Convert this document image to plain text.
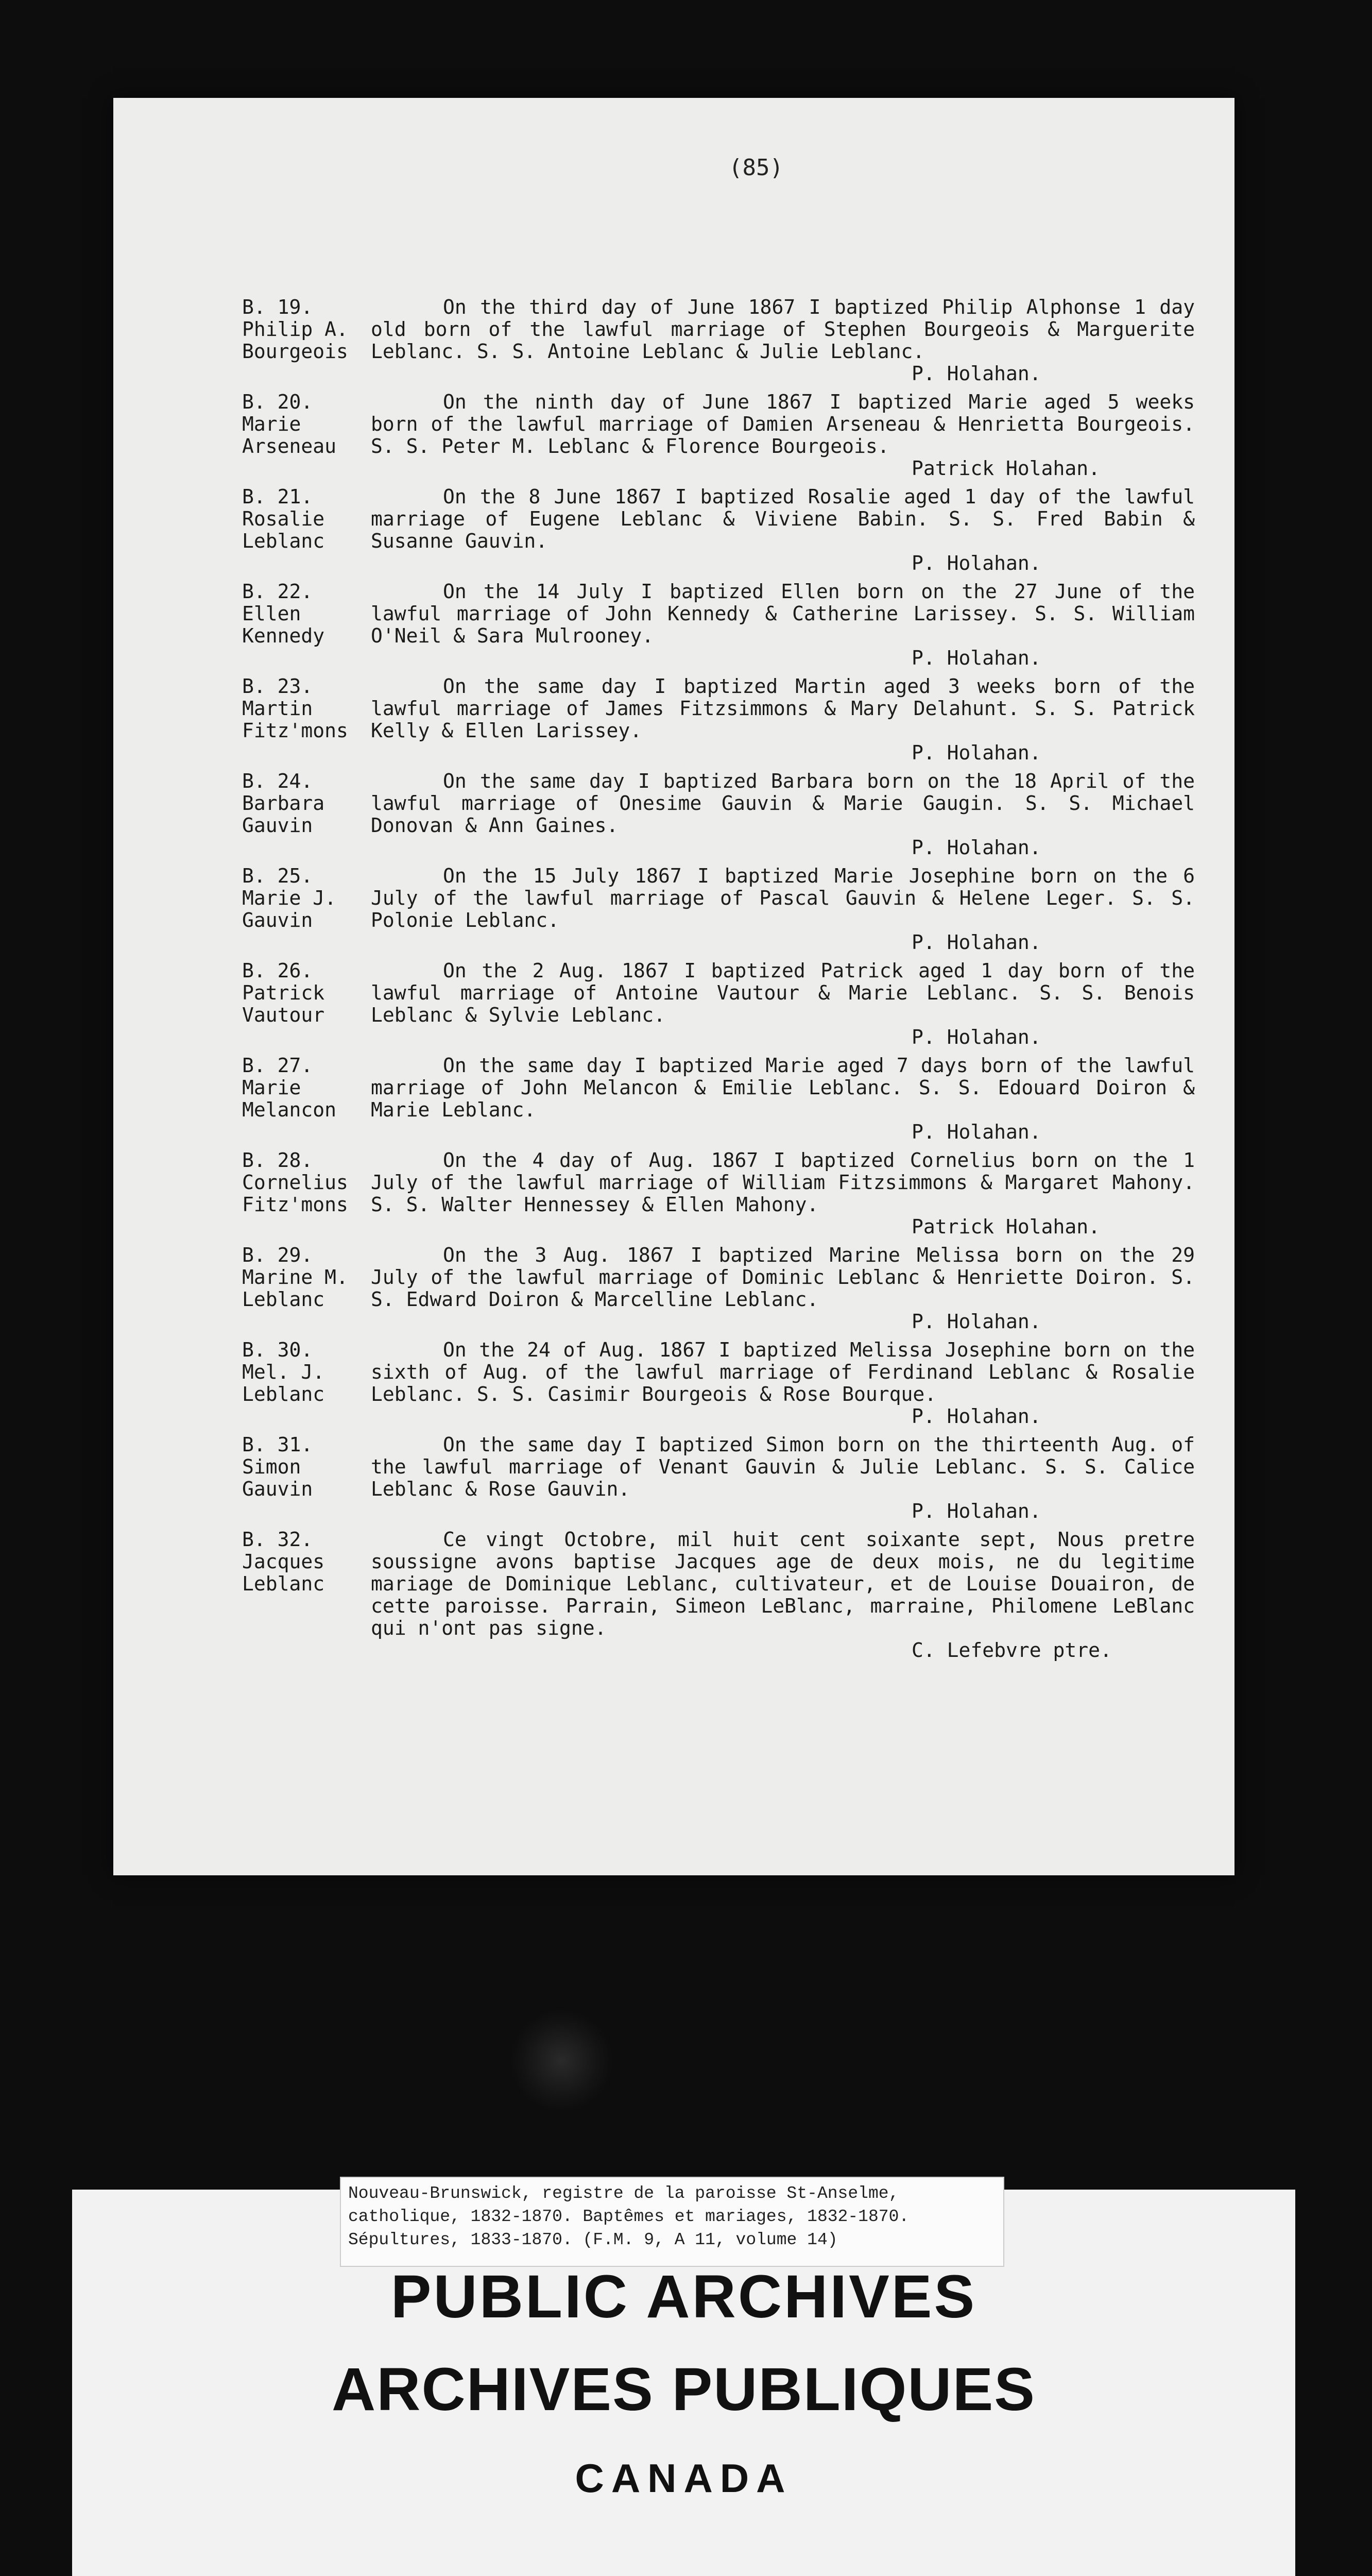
(85)
B. 19.
Philip A.
Bourgeois
On the third day of June 1867 I baptized Philip Alphonse 1 day old born of the lawful marriage of Stephen Bourgeois & Marguerite Leblanc. S. S. Antoine Leblanc & Julie Leblanc.
P. Holahan.
B. 20.
Marie
Arseneau
On the ninth day of June 1867 I baptized Marie aged 5 weeks born of the lawful marriage of Damien Arseneau & Henrietta Bourgeois. S. S. Peter M. Leblanc & Florence Bourgeois.
Patrick Holahan.
B. 21.
Rosalie
Leblanc
On the 8 June 1867 I baptized Rosalie aged 1 day of the lawful marriage of Eugene Leblanc & Viviene Babin. S. S. Fred Babin & Susanne Gauvin.
P. Holahan.
B. 22.
Ellen
Kennedy
On the 14 July I baptized Ellen born on the 27 June of the lawful marriage of John Kennedy & Catherine Larissey. S. S. William O'Neil & Sara Mulrooney.
P. Holahan.
B. 23.
Martin
Fitz'mons
On the same day I baptized Martin aged 3 weeks born of the lawful marriage of James Fitzsimmons & Mary Delahunt. S. S. Patrick Kelly & Ellen Larissey.
P. Holahan.
B. 24.
Barbara
Gauvin
On the same day I baptized Barbara born on the 18 April of the lawful marriage of Onesime Gauvin & Marie Gaugin. S. S. Michael Donovan & Ann Gaines.
P. Holahan.
B. 25.
Marie J.
Gauvin
On the 15 July 1867 I baptized Marie Josephine born on the 6 July of the lawful marriage of Pascal Gauvin & Helene Leger. S. S. Polonie Leblanc.
P. Holahan.
B. 26.
Patrick
Vautour
On the 2 Aug. 1867 I baptized Patrick aged 1 day born of the lawful marriage of Antoine Vautour & Marie Leblanc. S. S. Benois Leblanc & Sylvie Leblanc.
P. Holahan.
B. 27.
Marie
Melancon
On the same day I baptized Marie aged 7 days born of the lawful marriage of John Melancon & Emilie Leblanc. S. S. Edouard Doiron & Marie Leblanc.
P. Holahan.
B. 28.
Cornelius
Fitz'mons
On the 4 day of Aug. 1867 I baptized Cornelius born on the 1 July of the lawful marriage of William Fitzsimmons & Margaret Mahony. S. S. Walter Hennessey & Ellen Mahony.
Patrick Holahan.
B. 29.
Marine M.
Leblanc
On the 3 Aug. 1867 I baptized Marine Melissa born on the 29 July of the lawful marriage of Dominic Leblanc & Henriette Doiron. S. S. Edward Doiron & Marcelline Leblanc.
P. Holahan.
B. 30.
Mel. J.
Leblanc
On the 24 of Aug. 1867 I baptized Melissa Josephine born on the sixth of Aug. of the lawful marriage of Ferdinand Leblanc & Rosalie Leblanc. S. S. Casimir Bourgeois & Rose Bourque.
P. Holahan.
B. 31.
Simon
Gauvin
On the same day I baptized Simon born on the thirteenth Aug. of the lawful marriage of Venant Gauvin & Julie Leblanc. S. S. Calice Leblanc & Rose Gauvin.
P. Holahan.
B. 32.
Jacques
Leblanc
Ce vingt Octobre, mil huit cent soixante sept, Nous pretre soussigne avons baptise Jacques age de deux mois, ne du legitime mariage de Dominique Leblanc, cultivateur, et de Louise Douairon, de cette paroisse. Parrain, Simeon LeBlanc, marraine, Philomene LeBlanc qui n'ont pas signe.
C. Lefebvre ptre.
Nouveau-Brunswick, registre de la paroisse St-Anselme,
catholique, 1832-1870. Baptêmes et mariages, 1832-1870.
Sépultures, 1833-1870. (F.M. 9, A 11, volume 14)
PUBLIC ARCHIVES
ARCHIVES PUBLIQUES
CANADA
